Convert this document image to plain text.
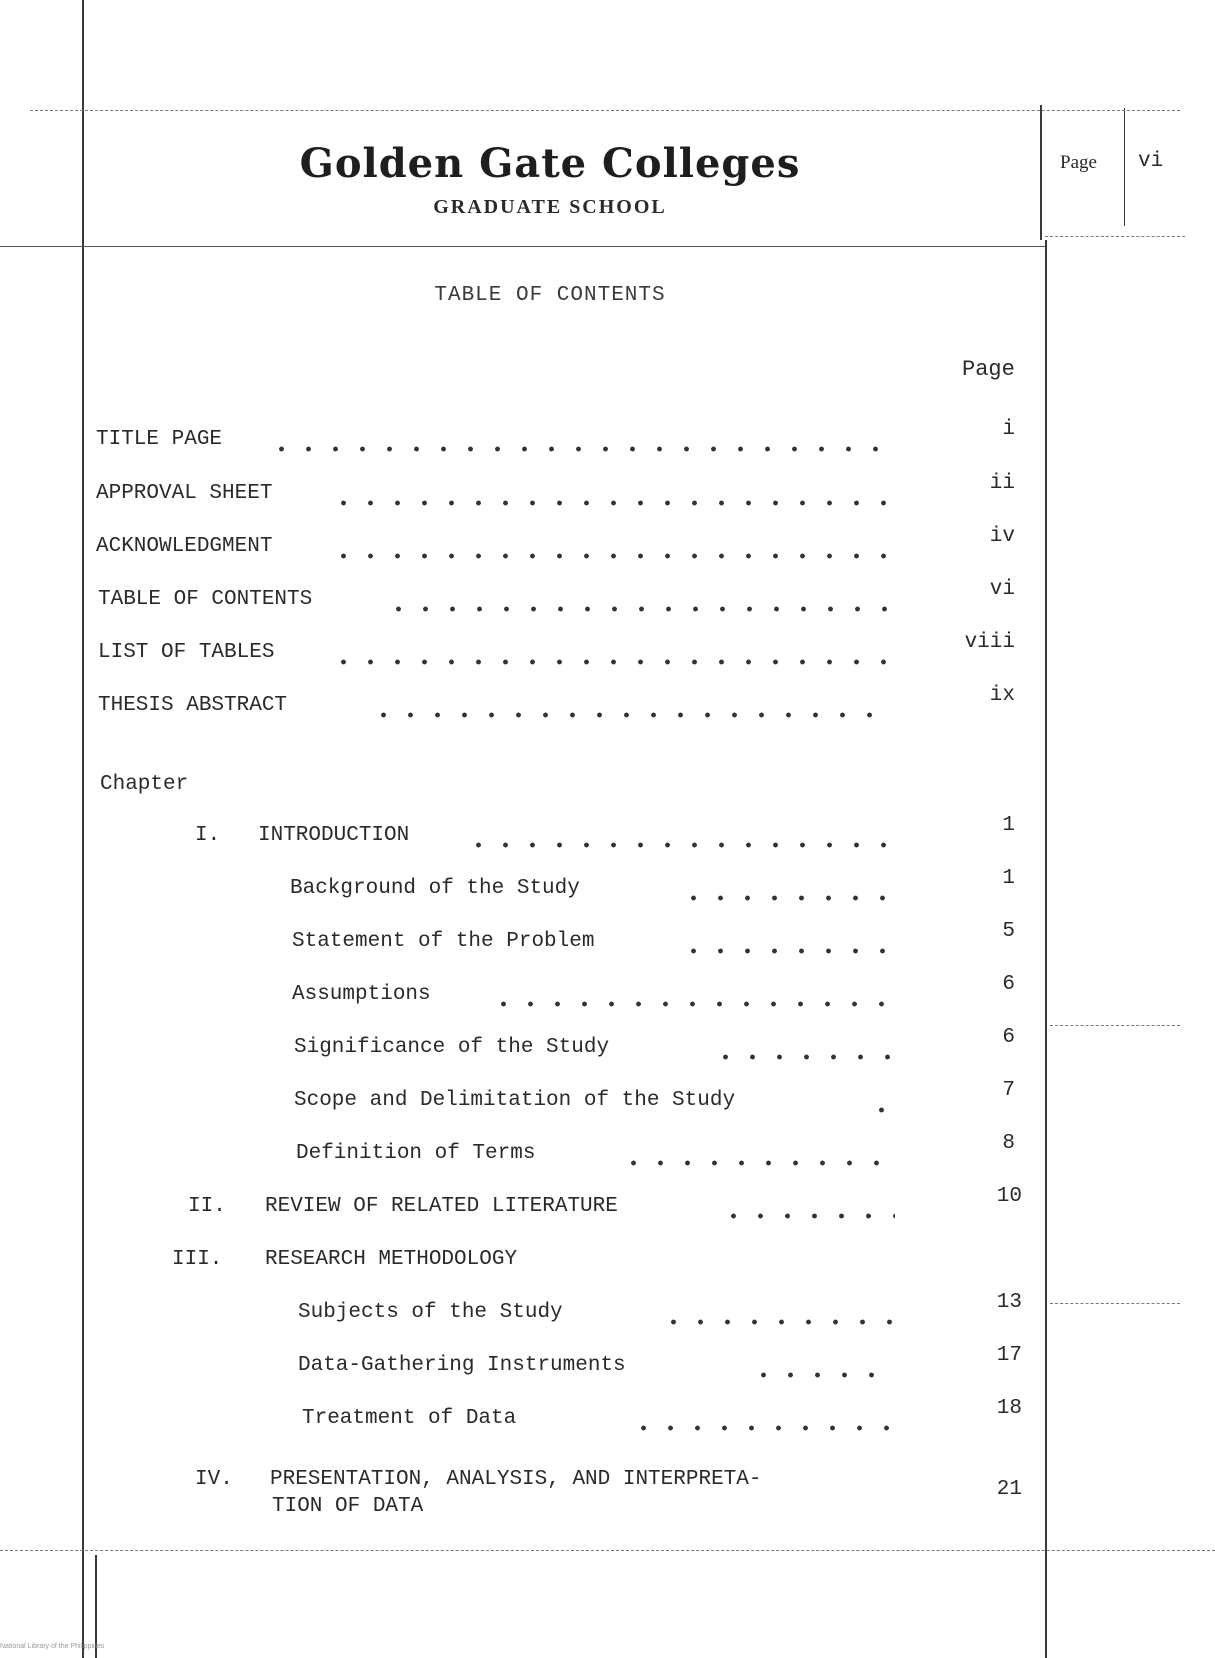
Golden Gate Colleges
GRADUATE SCHOOL
Page vi
TABLE OF CONTENTS
Page
TITLE PAGE	i
APPROVAL SHEET	ii
ACKNOWLEDGMENT	iv
TABLE OF CONTENTS	vi
LIST OF TABLES	viii
THESIS ABSTRACT	ix
Chapter
I. INTRODUCTION	1
Background of the Study	1
Statement of the Problem	5
Assumptions	6
Significance of the Study	6
Scope and Delimitation of the Study	7
Definition of Terms	8
II. REVIEW OF RELATED LITERATURE	10
III. RESEARCH METHODOLOGY
Subjects of the Study	13
Data-Gathering Instruments	17
Treatment of Data	18
IV. PRESENTATION, ANALYSIS, AND INTERPRETA-	21
TION OF DATA
National Library of the Philippines
